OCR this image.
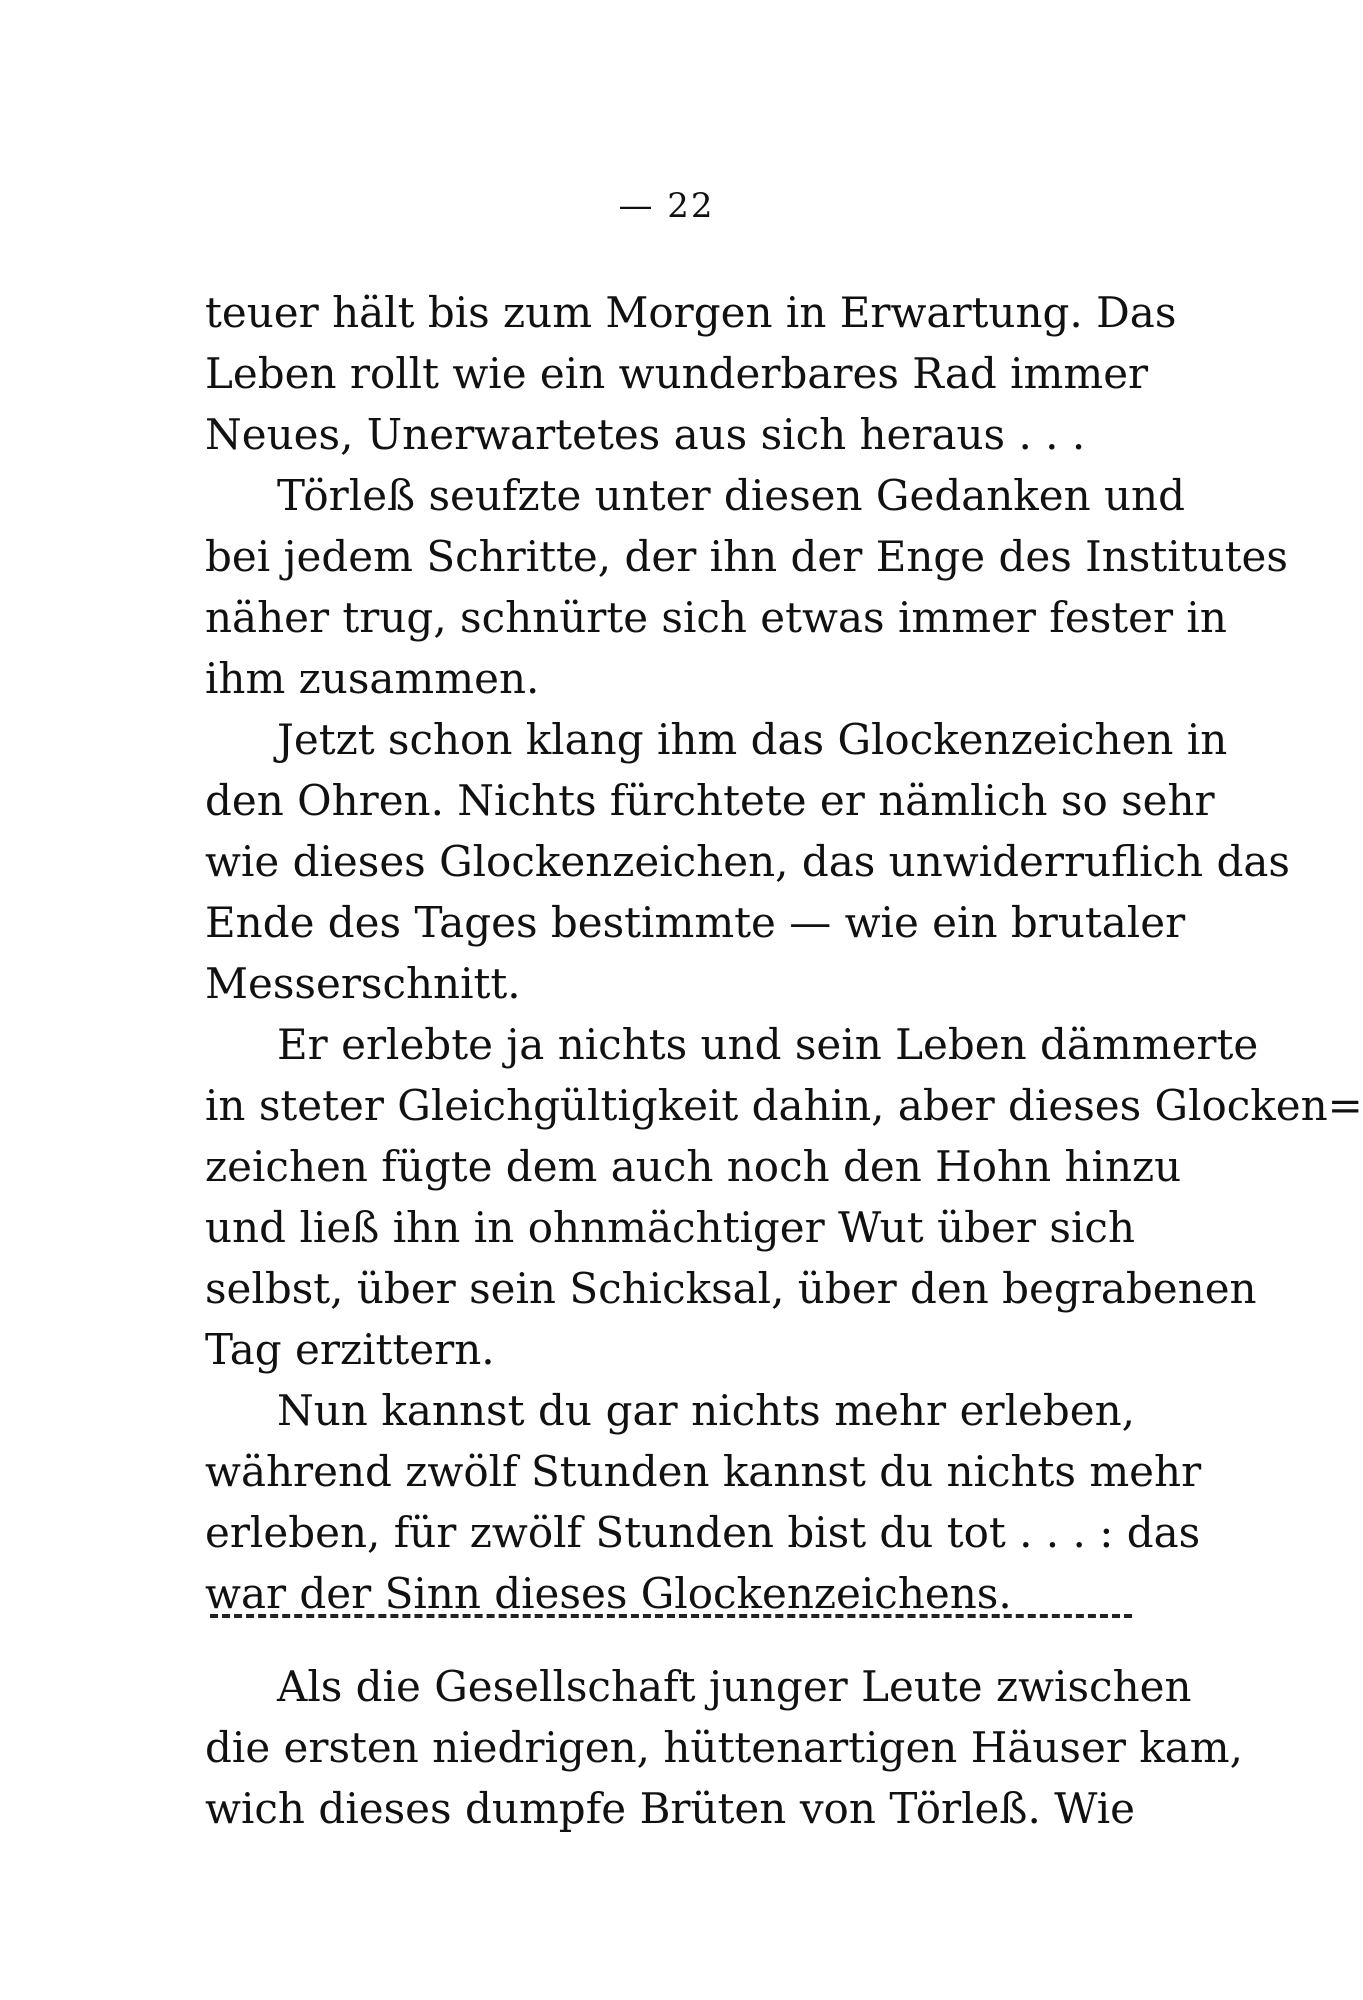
— 22
teuer hält bis zum Morgen in Erwartung. Das
Leben rollt wie ein wunderbares Rad immer
Neues, Unerwartetes aus sich heraus . . .
Törleß seufzte unter diesen Gedanken und
bei jedem Schritte, der ihn der Enge des Institutes
näher trug, schnürte sich etwas immer fester in
ihm zusammen.
Jetzt schon klang ihm das Glockenzeichen in
den Ohren. Nichts fürchtete er nämlich so sehr
wie dieses Glockenzeichen, das unwiderruflich das
Ende des Tages bestimmte — wie ein brutaler
Messerschnitt.
Er erlebte ja nichts und sein Leben dämmerte
in steter Gleichgültigkeit dahin, aber dieses Glocken=
zeichen fügte dem auch noch den Hohn hinzu
und ließ ihn in ohnmächtiger Wut über sich
selbst, über sein Schicksal, über den begrabenen
Tag erzittern.
Nun kannst du gar nichts mehr erleben,
während zwölf Stunden kannst du nichts mehr
erleben, für zwölf Stunden bist du tot . . . : das
war der Sinn dieses Glockenzeichens.
Als die Gesellschaft junger Leute zwischen
die ersten niedrigen, hüttenartigen Häuser kam,
wich dieses dumpfe Brüten von Törleß. Wie
